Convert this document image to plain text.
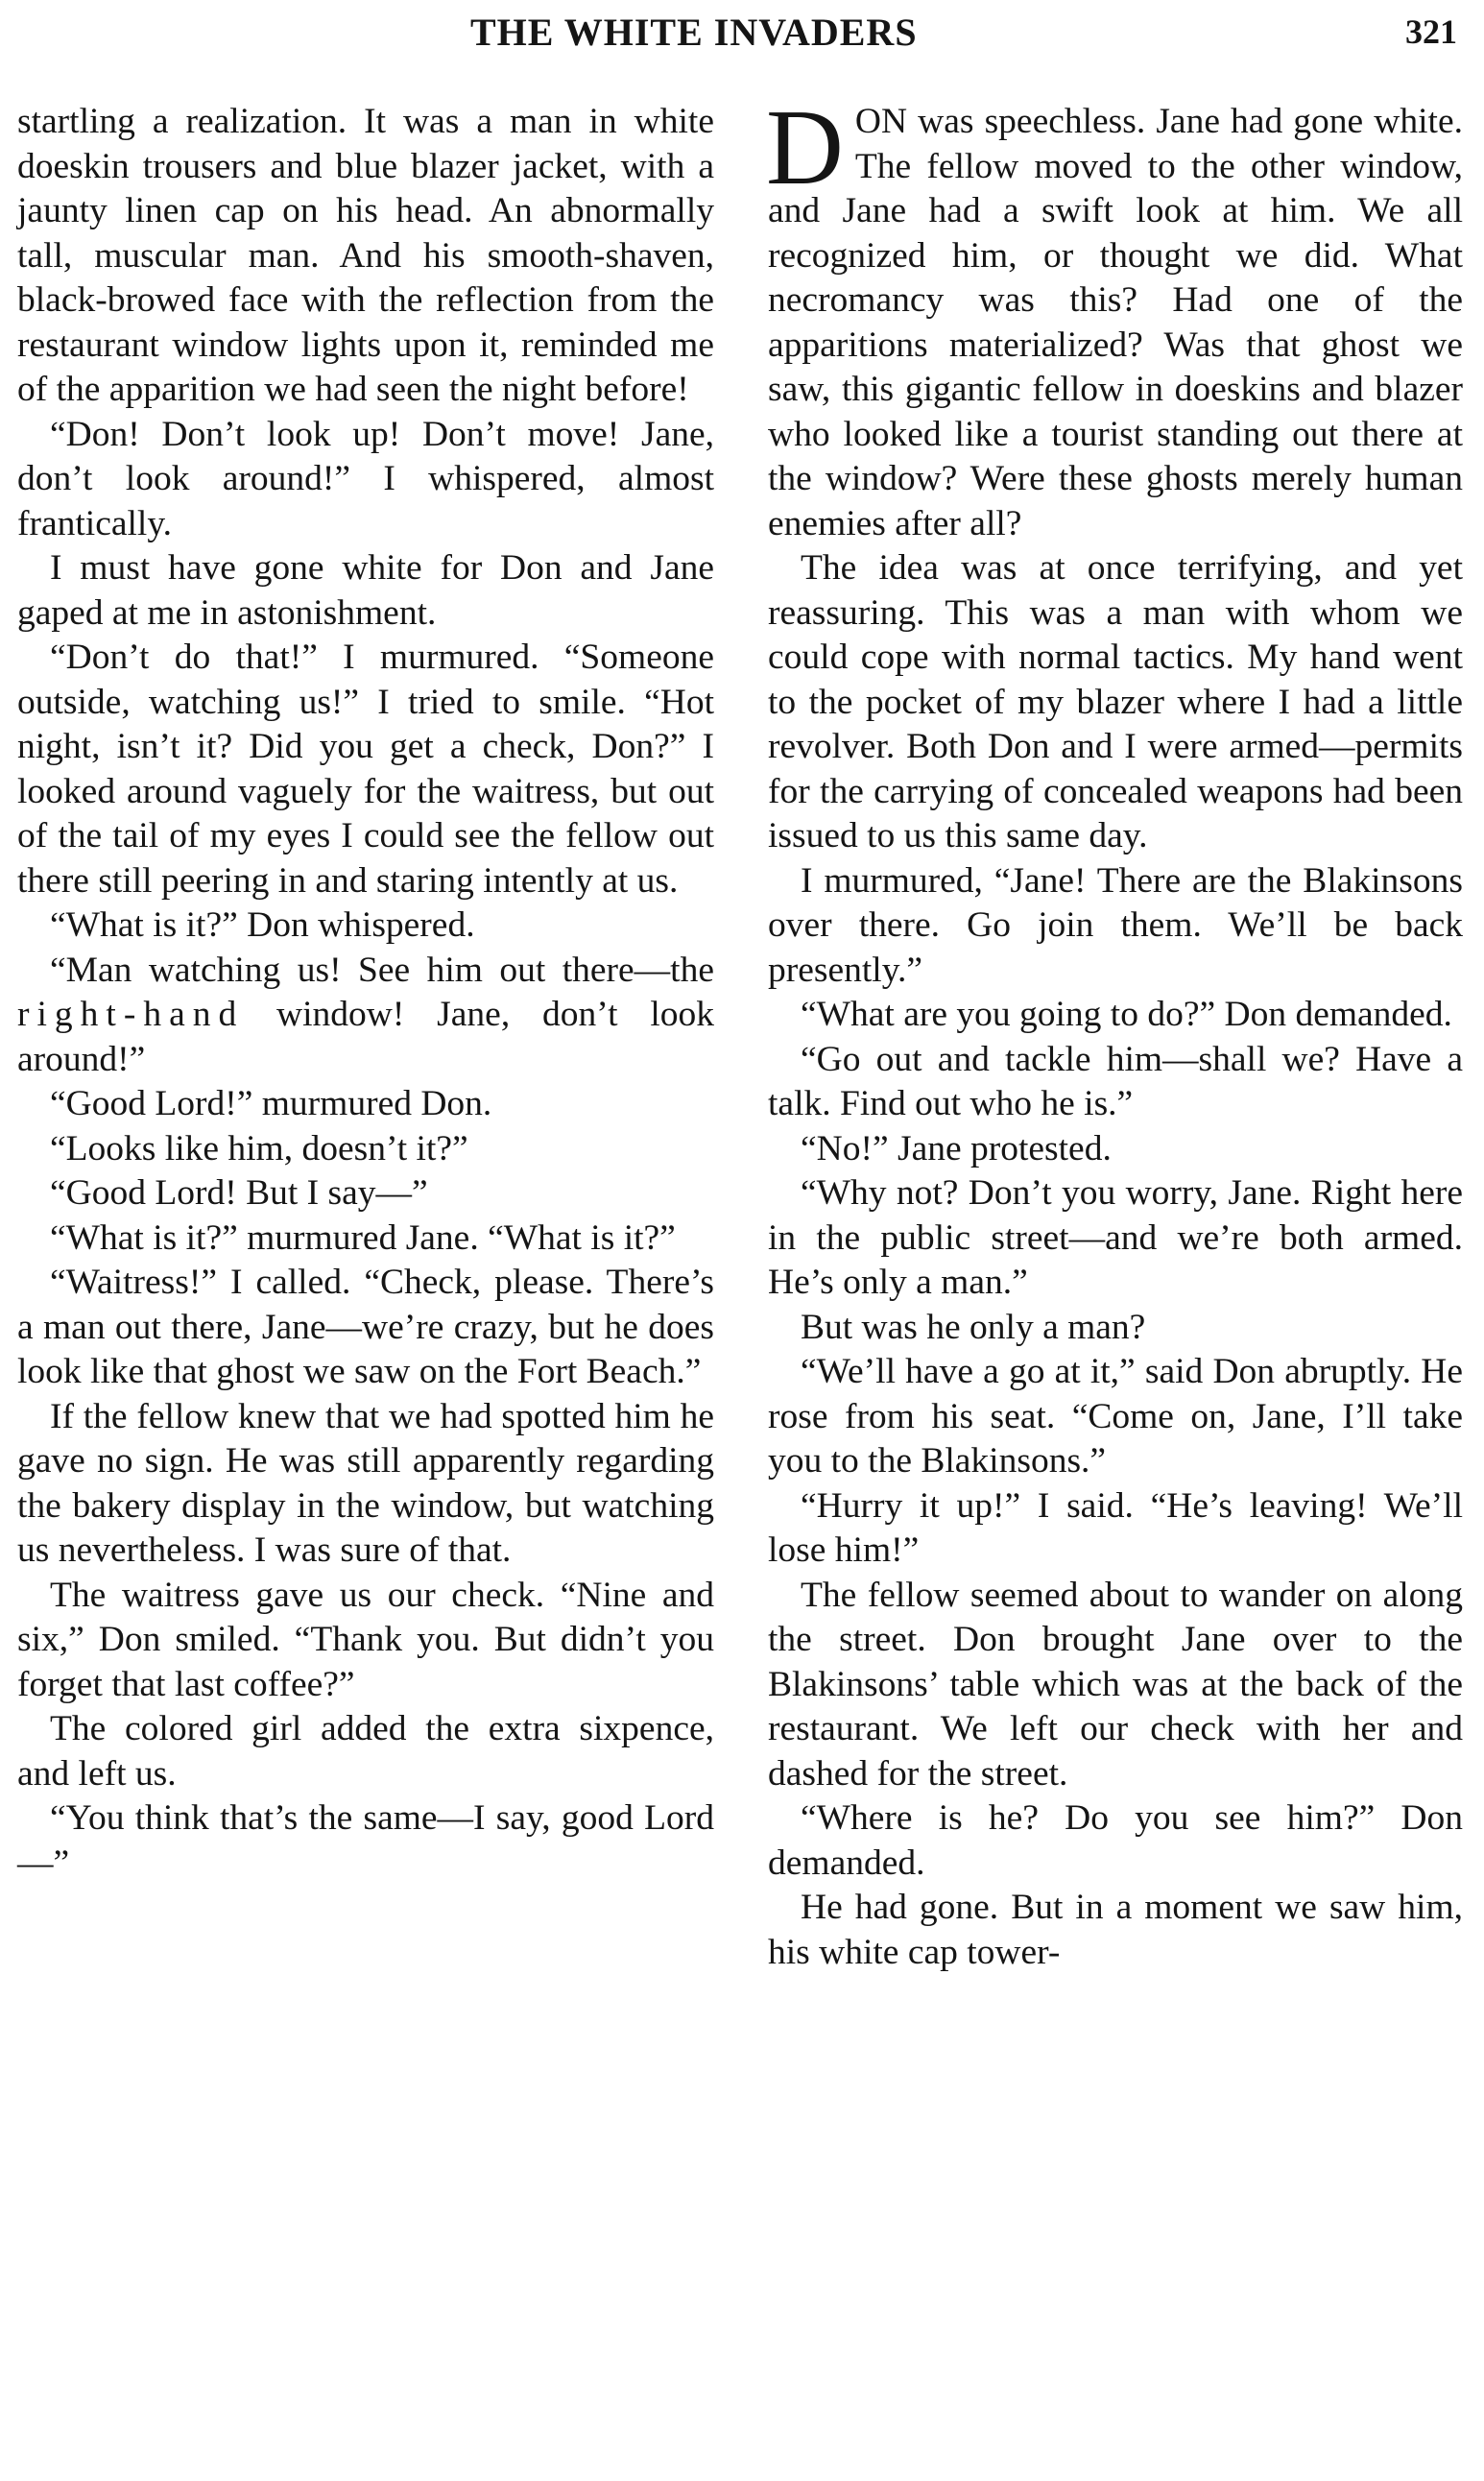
THE WHITE INVADERS	321

startling a realization. It was a man in white doeskin trousers and blue blazer jacket, with a jaunty linen cap on his head. An abnormally tall, muscular man. And his smooth-shaven, black-browed face with the reflection from the restaurant window lights upon it, reminded me of the apparition we had seen the night before!

“Don! Don’t look up! Don’t move! Jane, don’t look around!” I whispered, almost frantically.

I must have gone white for Don and Jane gaped at me in astonishment.

“Don’t do that!” I murmured. “Someone outside, watching us!” I tried to smile. “Hot night, isn’t it? Did you get a check, Don?” I looked around vaguely for the waitress, but out of the tail of my eyes I could see the fellow out there still peering in and staring intently at us.

“What is it?” Don whispered.

“Man watching us! See him out there—the right-hand window! Jane, don’t look around!”

“Good Lord!” murmured Don.

“Looks like him, doesn’t it?”

“Good Lord! But I say—”

“What is it?” murmured Jane. “What is it?”

“Waitress!” I called. “Check, please. There’s a man out there, Jane—we’re crazy, but he does look like that ghost we saw on the Fort Beach.”

If the fellow knew that we had spotted him he gave no sign. He was still apparently regarding the bakery display in the window, but watching us nevertheless. I was sure of that.

The waitress gave us our check. “Nine and six,” Don smiled. “Thank you. But didn’t you forget that last coffee?”

The colored girl added the extra sixpence, and left us.

“You think that’s the same—I say, good Lord—”

DON was speechless. Jane had gone white. The fellow moved to the other window, and Jane had a swift look at him. We all recognized him, or thought we did. What necromancy was this? Had one of the apparitions materialized? Was that ghost we saw, this gigantic fellow in doeskins and blazer who looked like a tourist standing out there at the window? Were these ghosts merely human enemies after all?

The idea was at once terrifying, and yet reassuring. This was a man with whom we could cope with normal tactics. My hand went to the pocket of my blazer where I had a little revolver. Both Don and I were armed—permits for the carrying of concealed weapons had been issued to us this same day.

I murmured, “Jane! There are the Blakinsons over there. Go join them. We’ll be back presently.”

“What are you going to do?” Don demanded.

“Go out and tackle him—shall we? Have a talk. Find out who he is.”

“No!” Jane protested.

“Why not? Don’t you worry, Jane. Right here in the public street—and we’re both armed. He’s only a man.”

But was he only a man?

“We’ll have a go at it,” said Don abruptly. He rose from his seat. “Come on, Jane, I’ll take you to the Blakinsons.”

“Hurry it up!” I said. “He’s leaving! We’ll lose him!”

The fellow seemed about to wander on along the street. Don brought Jane over to the Blakinsons’ table which was at the back of the restaurant. We left our check with her and dashed for the street.

“Where is he? Do you see him?” Don demanded.

He had gone. But in a moment we saw him, his white cap tower-
